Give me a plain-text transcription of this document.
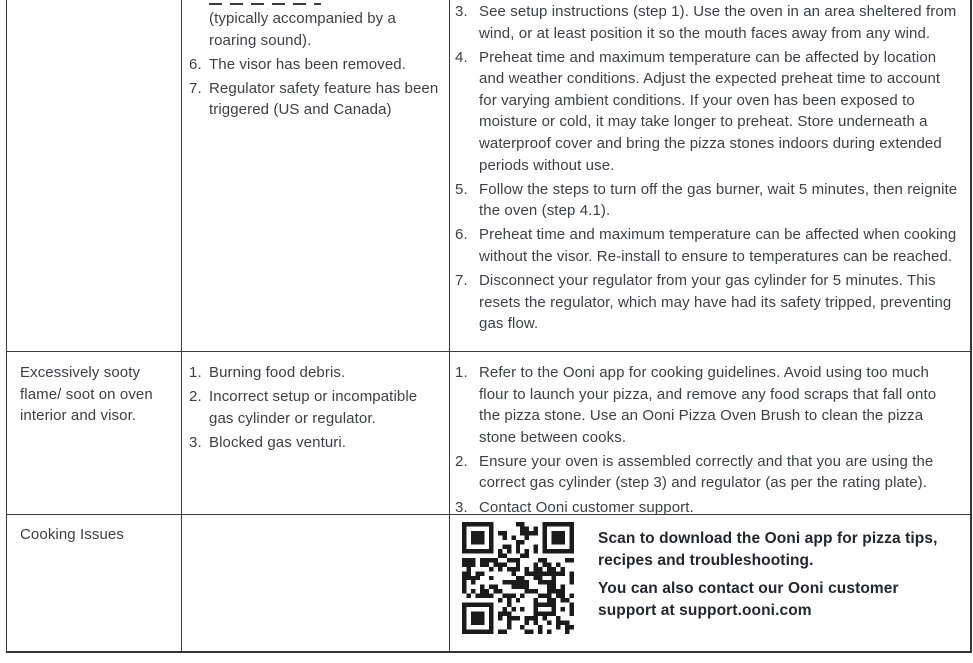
(typically accompanied by a roaring sound).
6. The visor has been removed.
7. Regulator safety feature has been triggered (US and Canada)
3. See setup instructions (step 1). Use the oven in an area sheltered from wind, or at least position it so the mouth faces away from any wind.
4. Preheat time and maximum temperature can be affected by location and weather conditions. Adjust the expected preheat time to account for varying ambient conditions. If your oven has been exposed to moisture or cold, it may take longer to preheat. Store underneath a waterproof cover and bring the pizza stones indoors during extended periods without use.
5. Follow the steps to turn off the gas burner, wait 5 minutes, then reignite the oven (step 4.1).
6. Preheat time and maximum temperature can be affected when cooking without the visor. Re-install to ensure to temperatures can be reached.
7. Disconnect your regulator from your gas cylinder for 5 minutes. This resets the regulator, which may have had its safety tripped, preventing gas flow.
Excessively sooty flame/ soot on oven interior and visor.
1. Burning food debris.
2. Incorrect setup or incompatible gas cylinder or regulator.
3. Blocked gas venturi.
1. Refer to the Ooni app for cooking guidelines. Avoid using too much flour to launch your pizza, and remove any food scraps that fall onto the pizza stone. Use an Ooni Pizza Oven Brush to clean the pizza stone between cooks.
2. Ensure your oven is assembled correctly and that you are using the correct gas cylinder (step 3) and regulator (as per the rating plate).
3. Contact Ooni customer support.
Cooking Issues	Scan to download the Ooni app for pizza tips, recipes and troubleshooting.

You can also contact our Ooni customer support at support.ooni.com
